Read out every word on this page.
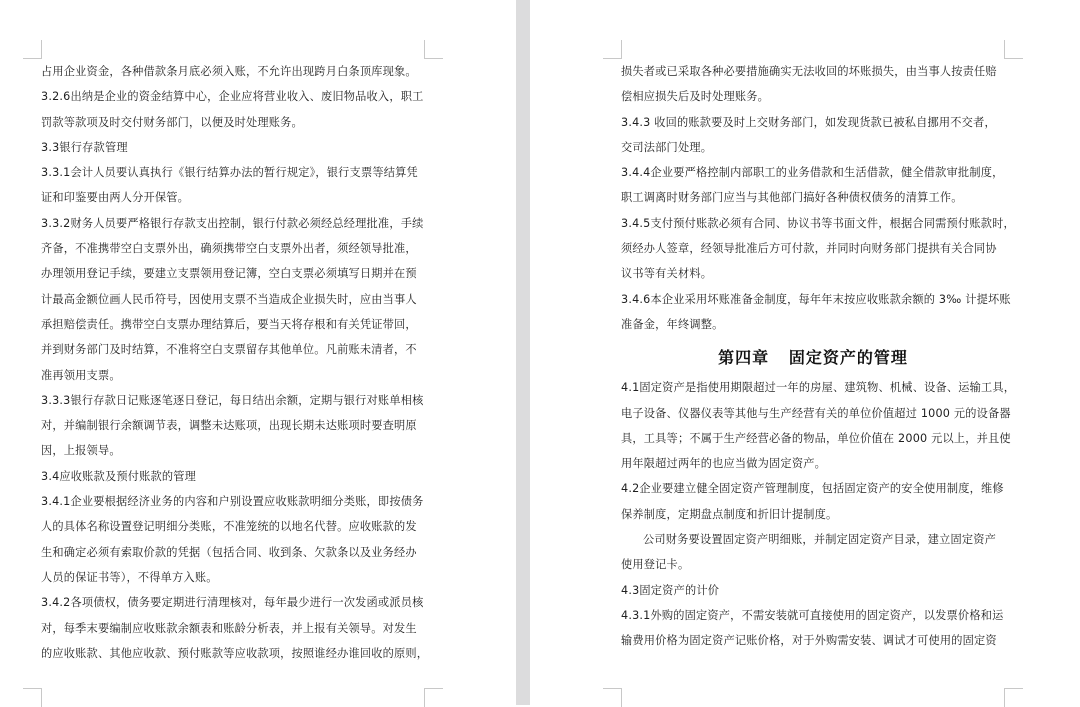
占用企业资金，各种借款条月底必须入账，不允许出现跨月白条顶库现象。
3.2.6出纳是企业的资金结算中心，企业应将营业收入、废旧物品收入，职工
罚款等款项及时交付财务部门，以便及时处理账务。
3.3银行存款管理
3.3.1会计人员要认真执行《银行结算办法的暂行规定》，银行支票等结算凭
证和印鉴要由两人分开保管。
3.3.2财务人员要严格银行存款支出控制，银行付款必须经总经理批准，手续
齐备，不准携带空白支票外出，确须携带空白支票外出者，须经领导批准，
办理领用登记手续，要建立支票领用登记簿，空白支票必须填写日期并在预
计最高金额位画人民币符号，因使用支票不当造成企业损失时，应由当事人
承担赔偿责任。携带空白支票办理结算后，要当天将存根和有关凭证带回，
并到财务部门及时结算，不准将空白支票留存其他单位。凡前账未清者，不
准再领用支票。
3.3.3银行存款日记账逐笔逐日登记，每日结出余额，定期与银行对账单相核
对，并编制银行余额调节表，调整未达账项，出现长期未达账项时要查明原
因，上报领导。
3.4应收账款及预付账款的管理
3.4.1企业要根据经济业务的内容和户别设置应收账款明细分类账，即按债务
人的具体名称设置登记明细分类账，不准笼统的以地名代替。应收账款的发
生和确定必须有索取价款的凭据（包括合同、收到条、欠款条以及业务经办
人员的保证书等），不得单方入账。
3.4.2各项债权，债务要定期进行清理核对，每年最少进行一次发函或派员核
对，每季末要编制应收账款余额表和账龄分析表，并上报有关领导。对发生
的应收账款、其他应收款、预付账款等应收款项，按照谁经办谁回收的原则，
损失者或已采取各种必要措施确实无法收回的坏账损失，由当事人按责任赔
偿相应损失后及时处理账务。
3.4.3 收回的账款要及时上交财务部门，如发现货款已被私自挪用不交者，
交司法部门处理。
3.4.4企业要严格控制内部职工的业务借款和生活借款，健全借款审批制度，
职工调离时财务部门应当与其他部门搞好各种债权债务的清算工作。
3.4.5支付预付账款必须有合同、协议书等书面文件，根据合同需预付账款时，
须经办人签章，经领导批准后方可付款，并同时向财务部门提拱有关合同协
议书等有关材料。
3.4.6本企业采用坏账准备金制度，每年年末按应收账款余额的 3‰ 计提坏账
准备金，年终调整。
第四章   固定资产的管理
4.1固定资产是指使用期限超过一年的房屋、建筑物、机械、设备、运输工具，
电子设备、仪器仪表等其他与生产经营有关的单位价值超过 1000 元的设备器
具，工具等；不属于生产经营必备的物品，单位价值在 2000 元以上，并且使
用年限超过两年的也应当做为固定资产。
4.2企业要建立健全固定资产管理制度，包括固定资产的安全使用制度，维修
保养制度，定期盘点制度和折旧计提制度。
公司财务要设置固定资产明细账，并制定固定资产目录，建立固定资产
使用登记卡。
4.3固定资产的计价
4.3.1外购的固定资产，不需安装就可直接使用的固定资产，以发票价格和运
输费用价格为固定资产记账价格，对于外购需安装、调试才可使用的固定资
